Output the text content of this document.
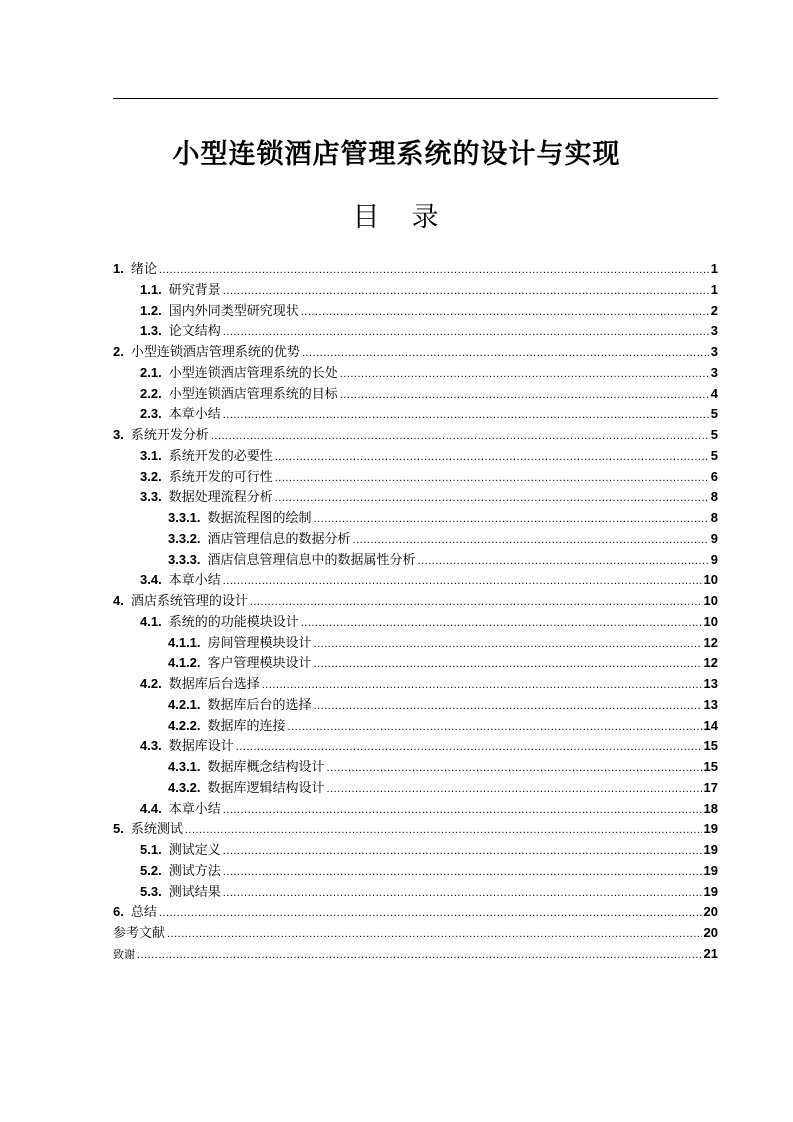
小型连锁酒店管理系统的设计与实现
目 录
1. 绪论 .....	1
1.1. 研究背景 .....	1
1.2. 国内外同类型研究现状 .....	2
1.3. 论文结构 .....	3
2. 小型连锁酒店管理系统的优势 .....	3
2.1. 小型连锁酒店管理系统的长处 .....	3
2.2. 小型连锁酒店管理系统的目标 .....	4
2.3. 本章小结 .....	5
3. 系统开发分析 .....	5
3.1. 系统开发的必要性 .....	5
3.2. 系统开发的可行性 .....	6
3.3. 数据处理流程分析 .....	8
3.3.1. 数据流程图的绘制 .....	8
3.3.2. 酒店管理信息的数据分析 .....	9
3.3.3. 酒店信息管理信息中的数据属性分析 .....	9
3.4. 本章小结 .....	10
4. 酒店系统管理的设计 .....	10
4.1. 系统的的功能模块设计 .....	10
4.1.1. 房间管理模块设计 .....	12
4.1.2. 客户管理模块设计 .....	12
4.2. 数据库后台选择 .....	13
4.2.1. 数据库后台的选择 .....	13
4.2.2. 数据库的连接 .....	14
4.3. 数据库设计 .....	15
4.3.1. 数据库概念结构设计 .....	15
4.3.2. 数据库逻辑结构设计 .....	17
4.4. 本章小结 .....	18
5. 系统测试 .....	19
5.1. 测试定义 .....	19
5.2. 测试方法 .....	19
5.3. 测试结果 .....	19
6. 总结 .....	20
参考文献 .....	20
致谢 .....	21
